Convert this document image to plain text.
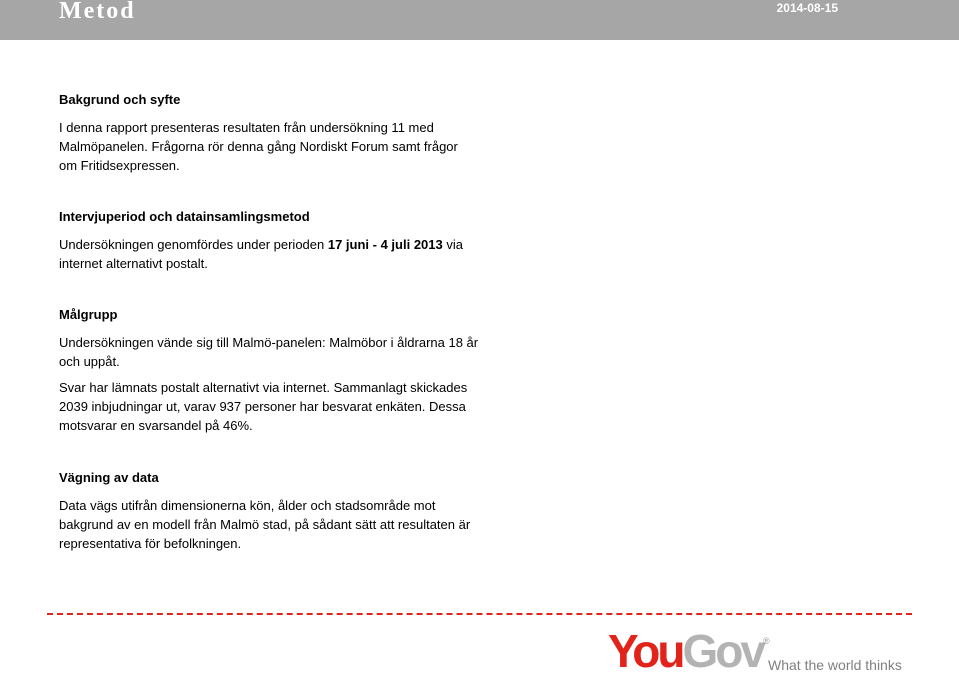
Metod	2014-08-15
Bakgrund och syfte

I denna rapport presenteras resultaten från undersökning 11 med Malmöpanelen. Frågorna rör denna gång Nordiskt Forum samt frågor om Fritidsexpressen.

Intervjuperiod och datainsamlingsmetod

Undersökningen genomfördes under perioden 17 juni - 4 juli 2013 via internet alternativt postalt.

Målgrupp

Undersökningen vände sig till Malmö-panelen: Malmöbor i åldrarna 18 år och uppåt.

Svar har lämnats postalt alternativt via internet. Sammanlagt skickades 2039 inbjudningar ut, varav 937 personer har besvarat enkäten. Dessa motsvarar en svarsandel på 46%.

Vägning av data

Data vägs utifrån dimensionerna kön, ålder och stadsområde mot bakgrund av en modell från Malmö stad, på sådant sätt att resultaten är representativa för befolkningen.

YouGov ®
What the world thinks
